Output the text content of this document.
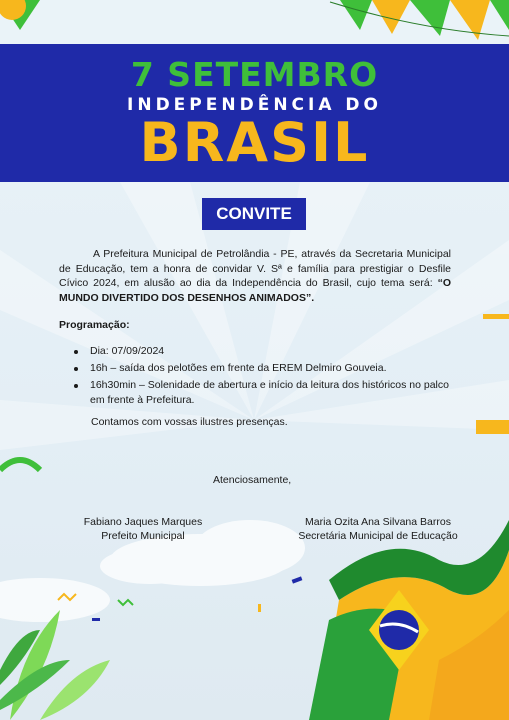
7 SETEMBRO
INDEPENDÊNCIA DO
BRASIL
CONVITE

A Prefeitura Municipal de Petrolândia - PE, através da Secretaria Municipal de Educação, tem a honra de convidar V. Sª e família para prestigiar o Desfile Cívico 2024, em alusão ao dia da Independência do Brasil, cujo tema será: “O MUNDO DIVERTIDO DOS DESENHOS ANIMADOS”.

Programação:
Dia: 07/09/2024
16h – saída dos pelotões em frente da EREM Delmiro Gouveia.
16h30min – Solenidade de abertura e início da leitura dos históricos no palco em frente à Prefeitura.
Contamos com vossas ilustres presenças.
Atenciosamente,
Fabiano Jaques Marques
Prefeito Municipal
Maria Ozita Ana Silvana Barros
Secretária Municipal de Educação
